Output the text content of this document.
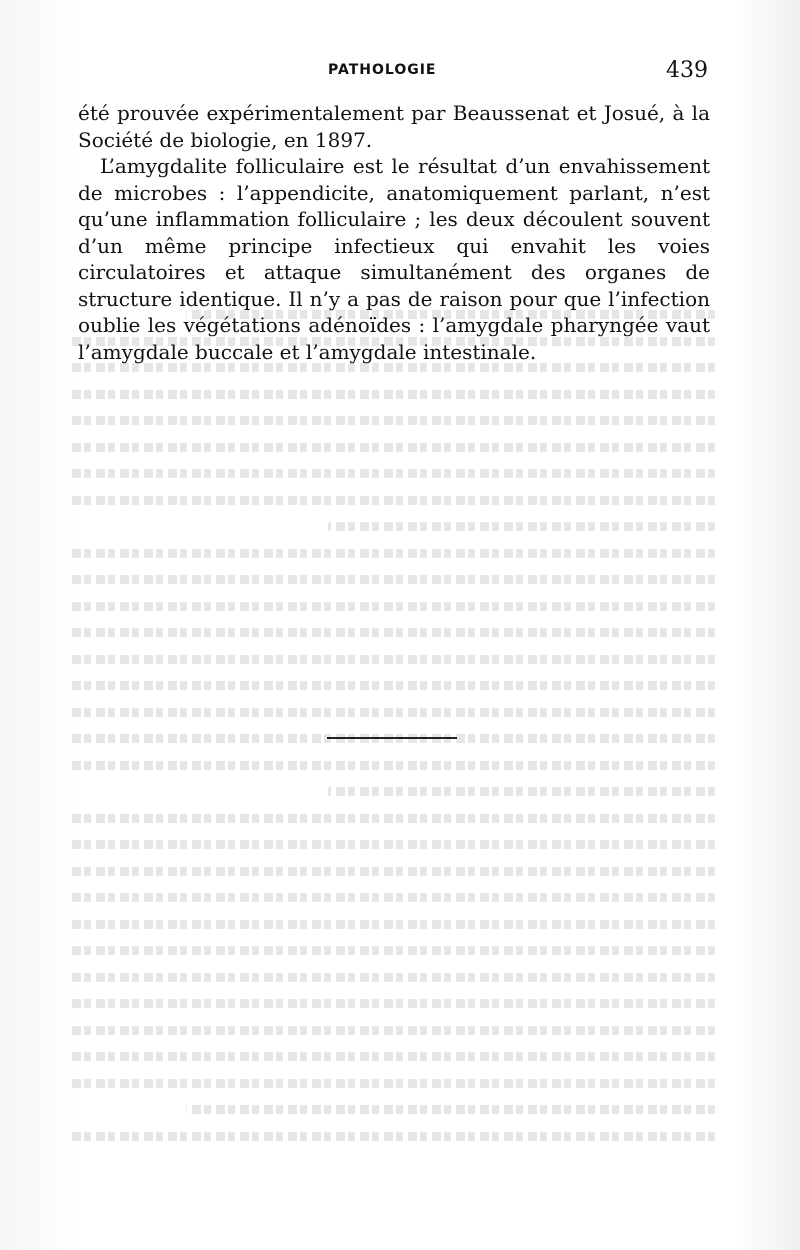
PATHOLOGIE	439

été prouvée expérimentalement par Beaussenat et Josué, à la Société de biologie, en 1897.

L’amygdalite folliculaire est le résultat d’un envahissement de microbes : l’appendicite, anatomiquement parlant, n’est qu’une inflammation folliculaire ; les deux découlent souvent d’un même principe infectieux qui envahit les voies circulatoires et attaque simultanément des organes de structure identique. Il n’y a pas de raison pour que l’infection oublie les végétations adénoïdes : l’amygdale pharyngée vaut l’amygdale buccale et l’amygdale intestinale.
